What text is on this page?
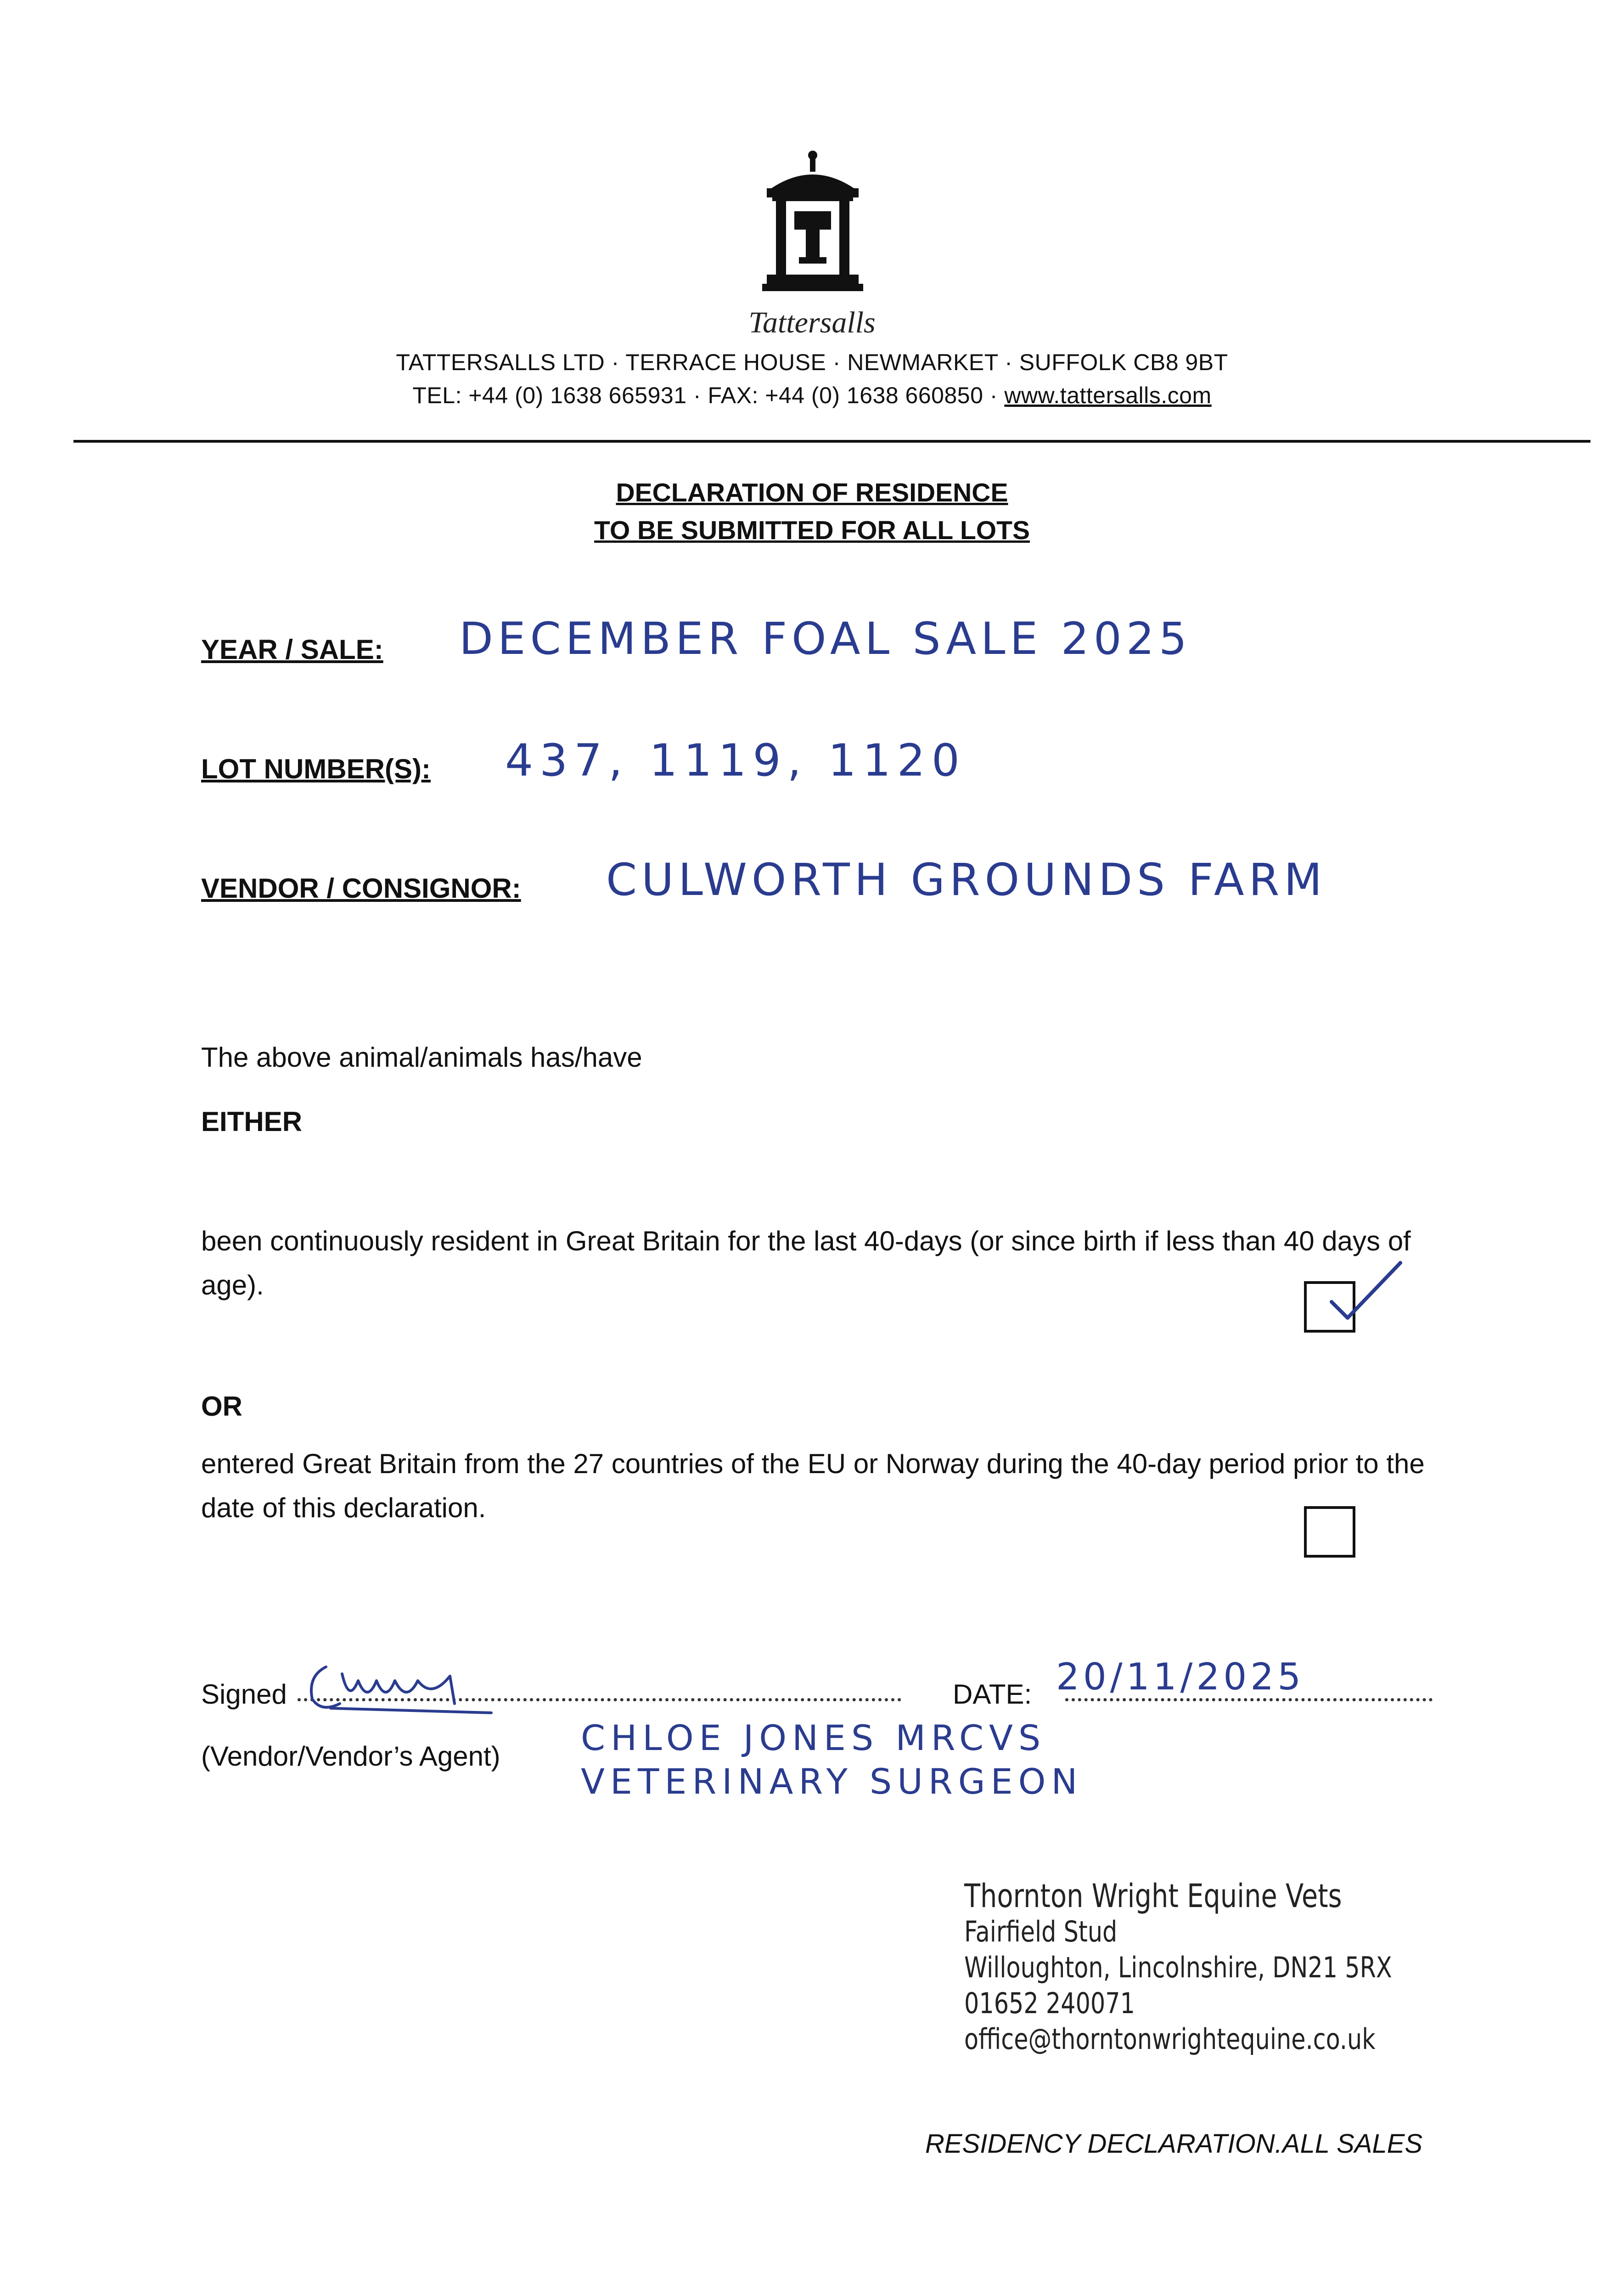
Tattersalls
TATTERSALLS LTD · TERRACE HOUSE · NEWMARKET · SUFFOLK CB8 9BT
TEL: +44 (0) 1638 665931 · FAX: +44 (0) 1638 660850 · www.tattersalls.com
DECLARATION OF RESIDENCE
TO BE SUBMITTED FOR ALL LOTS
YEAR / SALE: DECEMBER FOAL SALE 2025
LOT NUMBER(S): 437, 1119, 1120
VENDOR / CONSIGNOR: CULWORTH GROUNDS FARM
The above animal/animals has/have
EITHER
been continuously resident in Great Britain for the last 40-days (or since birth if less than 40 days of age).
OR
entered Great Britain from the 27 countries of the EU or Norway during the 40-day period prior to the date of this declaration.
Signed	DATE: 20/11/2025
(Vendor/Vendor’s Agent) CHLOE JONES MRCVS
VETERINARY SURGEON
Thornton Wright Equine Vets
Fairfield Stud
Willoughton, Lincolnshire, DN21 5RX
01652 240071
office@thorntonwrightequine.co.uk
RESIDENCY DECLARATION.ALL SALES
